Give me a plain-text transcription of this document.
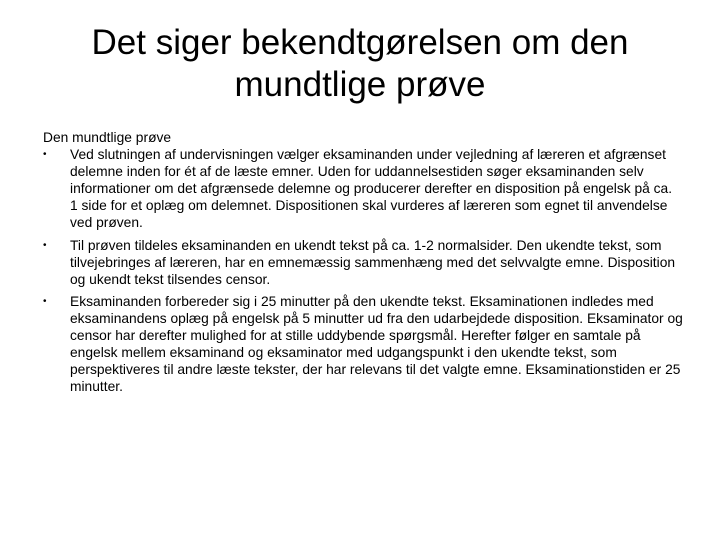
Det siger bekendtgørelsen om den mundtlige prøve

Den mundtlige prøve

•	Ved slutningen af undervisningen vælger eksaminanden under vejledning af læreren et afgrænset delemne inden for ét af de læste emner. Uden for uddannelsestiden søger eksaminanden selv informationer om det afgrænsede delemne og producerer derefter en disposition på engelsk på ca. 1 side for et oplæg om delemnet. Dispositionen skal vurderes af læreren som egnet til anvendelse ved prøven.
•	Til prøven tildeles eksaminanden en ukendt tekst på ca. 1-2 normalsider. Den ukendte tekst, som tilvejebringes af læreren, har en emnemæssig sammenhæng med det selvvalgte emne. Disposition og ukendt tekst tilsendes censor.
•	Eksaminanden forbereder sig i 25 minutter på den ukendte tekst. Eksaminationen indledes med eksaminandens oplæg på engelsk på 5 minutter ud fra den udarbejdede disposition. Eksaminator og censor har derefter mulighed for at stille uddybende spørgsmål. Herefter følger en samtale på engelsk mellem eksaminand og eksaminator med udgangspunkt i den ukendte tekst, som perspektiveres til andre læste tekster, der har relevans til det valgte emne. Eksaminationstiden er 25 minutter.
